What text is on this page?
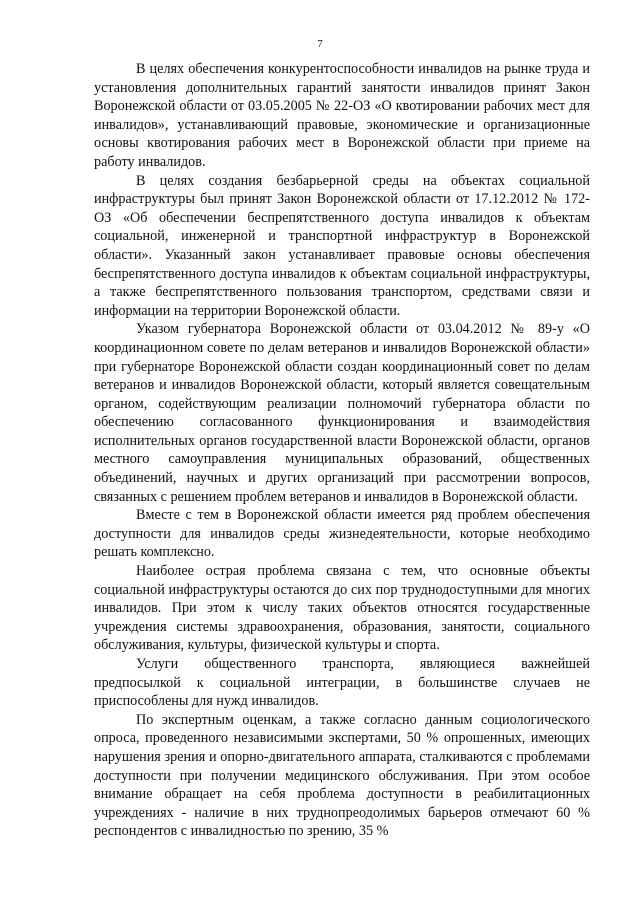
7

В целях обеспечения конкурентоспособности инвалидов на рынке труда и установления дополнительных гарантий занятости инвалидов принят Закон Воронежской области от 03.05.2005 № 22-ОЗ «О квотировании рабочих мест для инвалидов», устанавливающий правовые, экономические и организационные основы квотирования рабочих мест в Воронежской области при приеме на работу инвалидов.

В целях создания безбарьерной среды на объектах социальной инфраструктуры был принят Закон Воронежской области от 17.12.2012 № 172-ОЗ «Об обеспечении беспрепятственного доступа инвалидов к объектам социальной, инженерной и транспортной инфраструктур в Воронежской области». Указанный закон устанавливает правовые основы обеспечения беспрепятственного доступа инвалидов к объектам социальной инфраструктуры, а также беспрепятственного пользования транспортом, средствами связи и информации на территории Воронежской области.

Указом губернатора Воронежской области от 03.04.2012 № 89-у «О координационном совете по делам ветеранов и инвалидов Воронежской области» при губернаторе Воронежской области создан координационный совет по делам ветеранов и инвалидов Воронежской области, который является совещательным органом, содействующим реализации полномочий губернатора области по обеспечению согласованного функционирования и взаимодействия исполнительных органов государственной власти Воронежской области, органов местного самоуправления муниципальных образований, общественных объединений, научных и других организаций при рассмотрении вопросов, связанных с решением проблем ветеранов и инвалидов в Воронежской области.

Вместе с тем в Воронежской области имеется ряд проблем обеспечения доступности для инвалидов среды жизнедеятельности, которые необходимо решать комплексно.

Наиболее острая проблема связана с тем, что основные объекты социальной инфраструктуры остаются до сих пор труднодоступными для многих инвалидов. При этом к числу таких объектов относятся государственные учреждения системы здравоохранения, образования, занятости, социального обслуживания, культуры, физической культуры и спорта.

Услуги общественного транспорта, являющиеся важнейшей предпосылкой к социальной интеграции, в большинстве случаев не приспособлены для нужд инвалидов.

По экспертным оценкам, а также согласно данным социологического опроса, проведенного независимыми экспертами, 50 % опрошенных, имеющих нарушения зрения и опорно-двигательного аппарата, сталкиваются с проблемами доступности при получении медицинского обслуживания. При этом особое внимание обращает на себя проблема доступности в реабилитационных учреждениях - наличие в них труднопреодолимых барьеров отмечают 60 % респондентов с инвалидностью по зрению, 35 %
